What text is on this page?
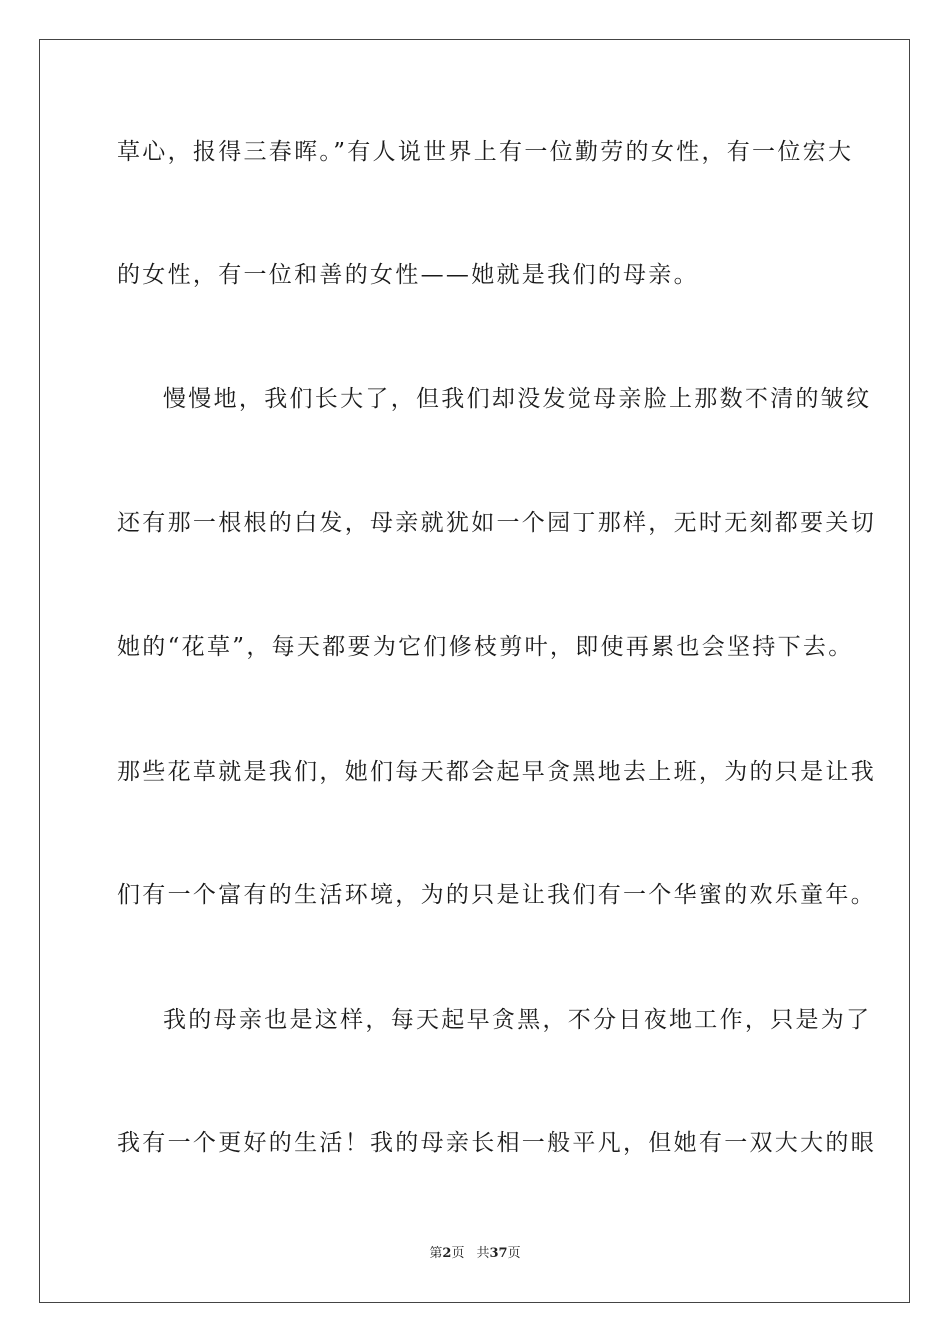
草心，报得三春晖。”有人说世界上有一位勤劳的女性，有一位宏大
的女性，有一位和善的女性——她就是我们的母亲。
慢慢地，我们长大了，但我们却没发觉母亲脸上那数不清的皱纹
还有那一根根的白发，母亲就犹如一个园丁那样，无时无刻都要关切
她的“花草”，每天都要为它们修枝剪叶，即使再累也会坚持下去。
那些花草就是我们，她们每天都会起早贪黑地去上班，为的只是让我
们有一个富有的生活环境，为的只是让我们有一个华蜜的欢乐童年。
我的母亲也是这样，每天起早贪黑，不分日夜地工作，只是为了
我有一个更好的生活！我的母亲长相一般平凡，但她有一双大大的眼
第2页 共37页
